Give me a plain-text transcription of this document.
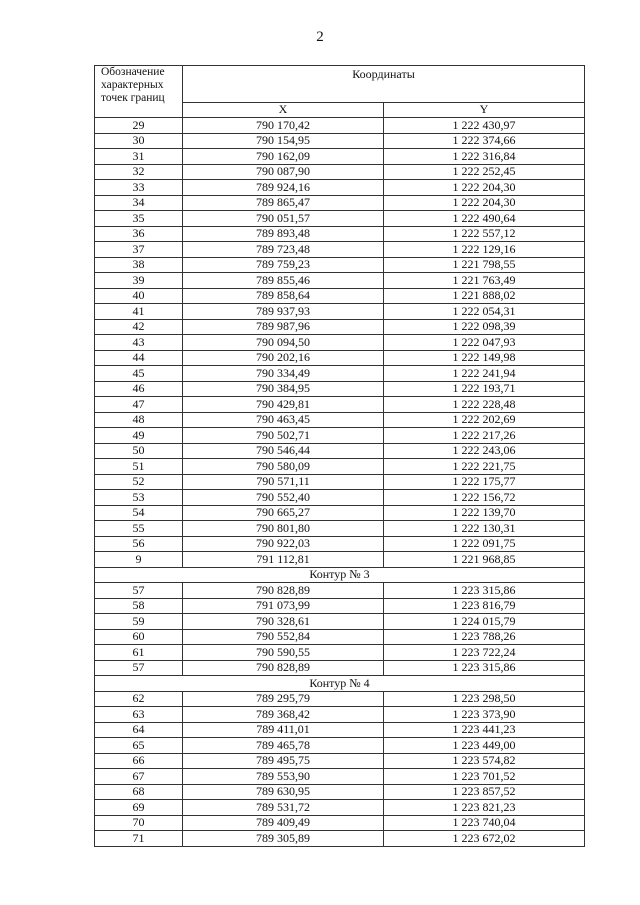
2
Обозначение характерных точек границ	Координаты	
	X	Y
29	790 170,42	1 222 430,97
30	790 154,95	1 222 374,66
31	790 162,09	1 222 316,84
32	790 087,90	1 222 252,45
33	789 924,16	1 222 204,30
34	789 865,47	1 222 204,30
35	790 051,57	1 222 490,64
36	789 893,48	1 222 557,12
37	789 723,48	1 222 129,16
38	789 759,23	1 221 798,55
39	789 855,46	1 221 763,49
40	789 858,64	1 221 888,02
41	789 937,93	1 222 054,31
42	789 987,96	1 222 098,39
43	790 094,50	1 222 047,93
44	790 202,16	1 222 149,98
45	790 334,49	1 222 241,94
46	790 384,95	1 222 193,71
47	790 429,81	1 222 228,48
48	790 463,45	1 222 202,69
49	790 502,71	1 222 217,26
50	790 546,44	1 222 243,06
51	790 580,09	1 222 221,75
52	790 571,11	1 222 175,77
53	790 552,40	1 222 156,72
54	790 665,27	1 222 139,70
55	790 801,80	1 222 130,31
56	790 922,03	1 222 091,75
9	791 112,81	1 221 968,85
Контур № 3		
57	790 828,89	1 223 315,86
58	791 073,99	1 223 816,79
59	790 328,61	1 224 015,79
60	790 552,84	1 223 788,26
61	790 590,55	1 223 722,24
57	790 828,89	1 223 315,86
Контур № 4		
62	789 295,79	1 223 298,50
63	789 368,42	1 223 373,90
64	789 411,01	1 223 441,23
65	789 465,78	1 223 449,00
66	789 495,75	1 223 574,82
67	789 553,90	1 223 701,52
68	789 630,95	1 223 857,52
69	789 531,72	1 223 821,23
70	789 409,49	1 223 740,04
71	789 305,89	1 223 672,02
